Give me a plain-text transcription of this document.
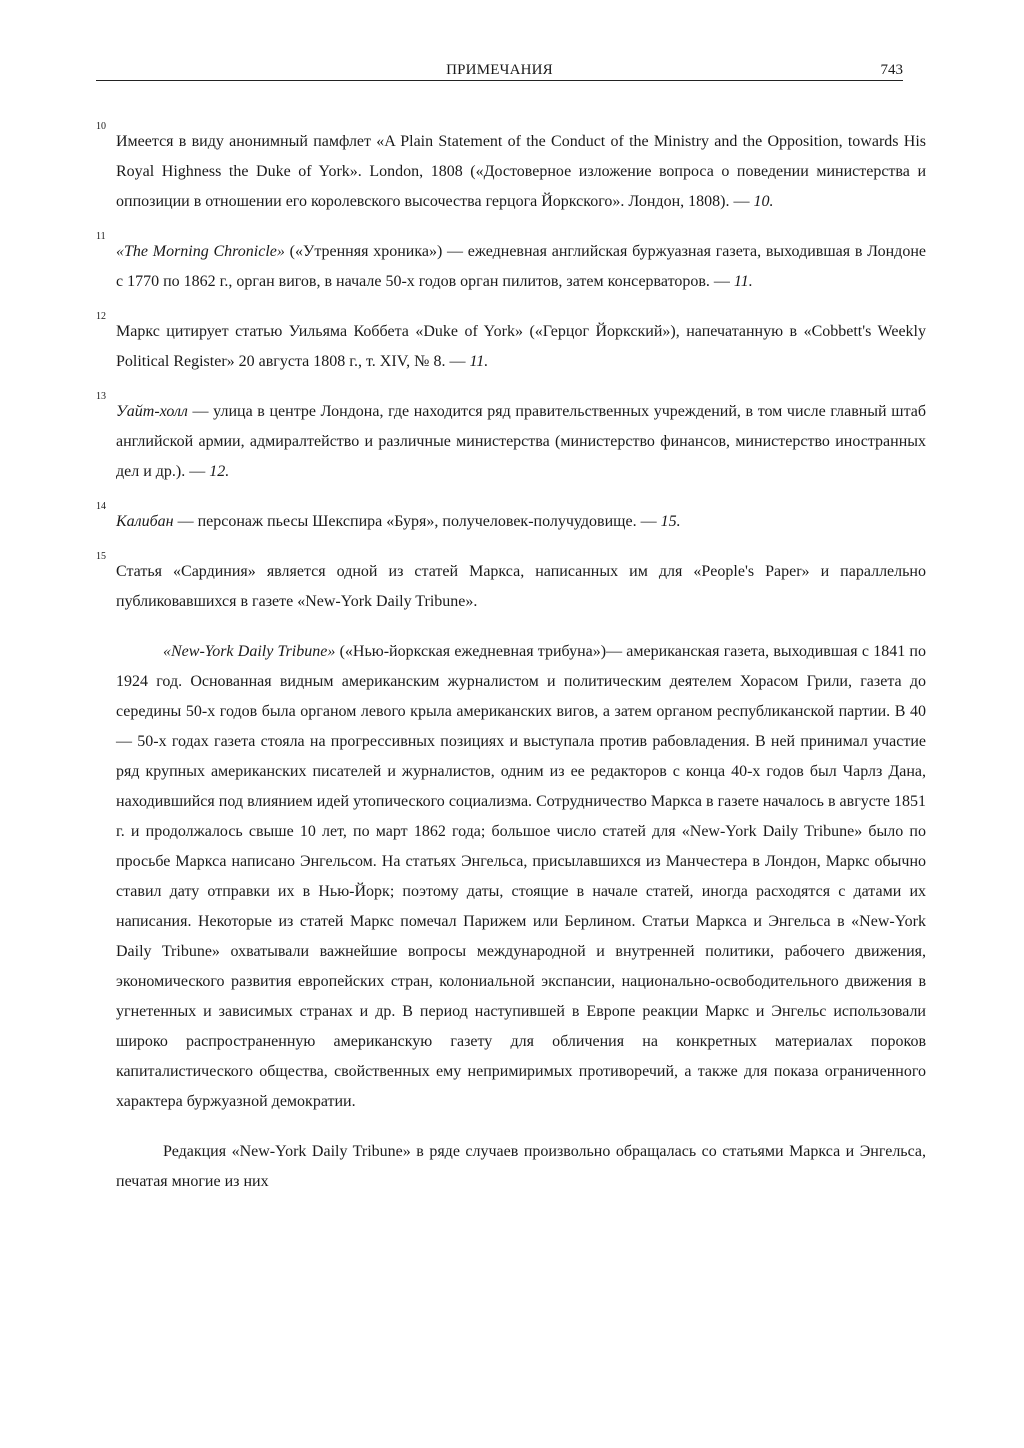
ПРИМЕЧАНИЯ	743
10
Имеется в виду анонимный памфлет «A Plain Statement of the Conduct of the Ministry and the Opposition, towards His Royal Highness the Duke of York». London, 1808 («Достоверное изложение вопроса о поведении министерства и оппозиции в отношении его королевского высочества герцога Йоркского». Лондон, 1808). — 10.
11
«The Morning Chronicle» («Утренняя хроника») — ежедневная английская буржуазная газета, выходившая в Лондоне с 1770 по 1862 г., орган вигов, в начале 50-х годов орган пилитов, затем консерваторов. — 11.
12
Маркс цитирует статью Уильяма Коббета «Duke of York» («Герцог Йоркский»), напечатанную в «Cobbett's Weekly Political Register» 20 августа 1808 г., т. XIV, № 8. — 11.
13
Уайт-холл — улица в центре Лондона, где находится ряд правительственных учреждений, в том числе главный штаб английской армии, адмиралтейство и различные министерства (министерство финансов, министерство иностранных дел и др.). — 12.
14
Калибан — персонаж пьесы Шекспира «Буря», получеловек-получудовище. — 15.
15
Статья «Сардиния» является одной из статей Маркса, написанных им для «People's Paper» и параллельно публиковавшихся в газете «New-York Daily Tribune».

«New-York Daily Tribune» («Нью-йоркская ежедневная трибуна»)— американская газета, выходившая с 1841 по 1924 год. Основанная видным американским журналистом и политическим деятелем Хорасом Грили, газета до середины 50-х годов была органом левого крыла американских вигов, а затем органом республиканской партии. В 40— 50-х годах газета стояла на прогрессивных позициях и выступала против рабовладения. В ней принимал участие ряд крупных американских писателей и журналистов, одним из ее редакторов с конца 40-х годов был Чарлз Дана, находившийся под влиянием идей утопического социализма. Сотрудничество Маркса в газете началось в августе 1851 г. и продолжалось свыше 10 лет, по март 1862 года; большое число статей для «New-York Daily Tribune» было по просьбе Маркса написано Энгельсом. На статьях Энгельса, присылавшихся из Манчестера в Лондон, Маркс обычно ставил дату отправки их в Нью-Йорк; поэтому даты, стоящие в начале статей, иногда расходятся с датами их написания. Некоторые из статей Маркс помечал Парижем или Берлином. Статьи Маркса и Энгельса в «New-York Daily Tribune» охватывали важнейшие вопросы международной и внутренней политики, рабочего движения, экономического развития европейских стран, колониальной экспансии, национально-освободительного движения в угнетенных и зависимых странах и др. В период наступившей в Европе реакции Маркс и Энгельс использовали широко распространенную американскую газету для обличения на конкретных материалах пороков капиталистического общества, свойственных ему непримиримых противоречий, а также для показа ограниченного характера буржуазной демократии.

Редакция «New-York Daily Tribune» в ряде случаев произвольно обращалась со статьями Маркса и Энгельса, печатая многие из них
